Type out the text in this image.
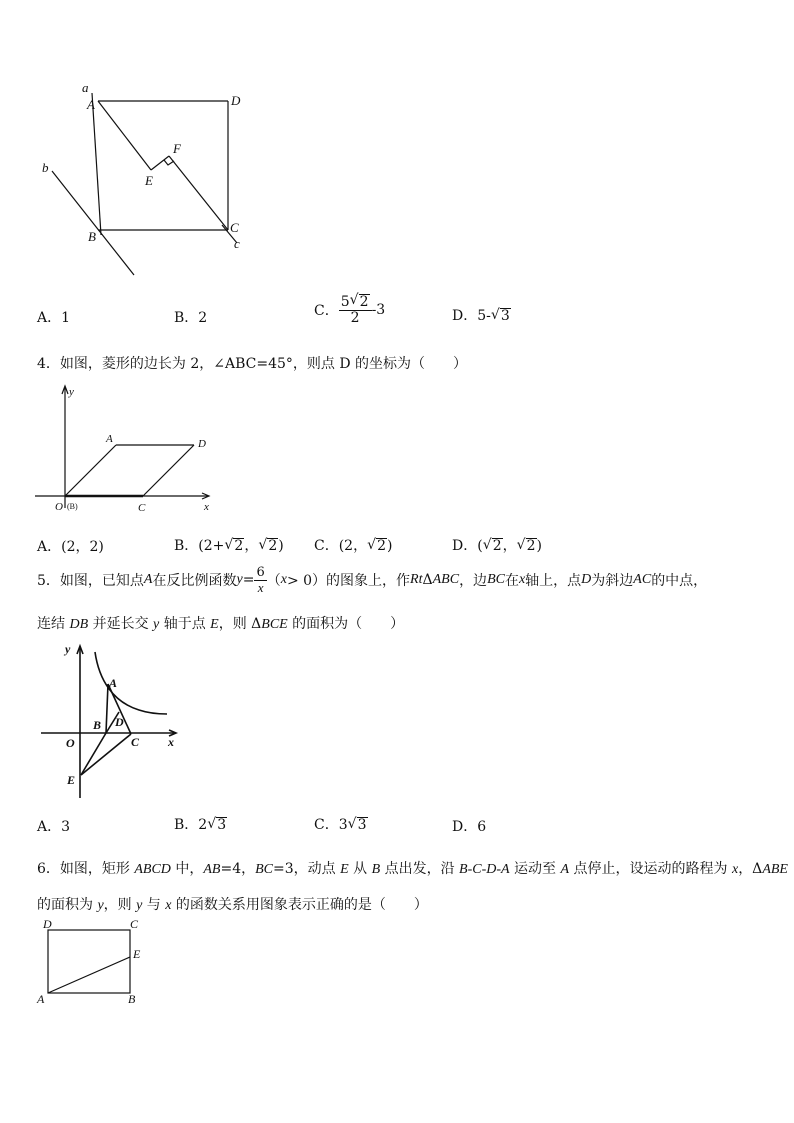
a
A	D
b
E
F
B
C
c
A．1	B．2	C． $\frac{5 √ 2}{2} -3$	D．5- √ 3
4．如图，菱形的边长为 2，∠ABC=45°，则点 D 的坐标为（　　）
y
A	D
O	C	x
(B)
A．(2，2)	B．(2+ √ 2， √ 2) C．(2， √ 2)	D．( √ 2， √ 2)
5．如图，已知点 A 在反比例函数 $y = \frac{6}{x}$ （ x > 0）的图象上，作 Rt Δ ABC ，边 BC 在 x 轴上，点 D 为斜边 AC 的中点，
连结 DB 并延长交 y 轴于点 E，则 ΔBCE 的面积为（　　）
y
A
B D
O	C x
E
A．3	B．2 √ 3	C．3 √ 3	D．6
6．如图，矩形 ABCD 中，AB=4，BC=3，动点 E 从 B 点出发，沿 B-C-D-A 运动至 A 点停止，设运动的路程为 x，ΔABE
的面积为 y，则 y 与 x 的函数关系用图象表示正确的是（　　）
D	C
E
A	B
